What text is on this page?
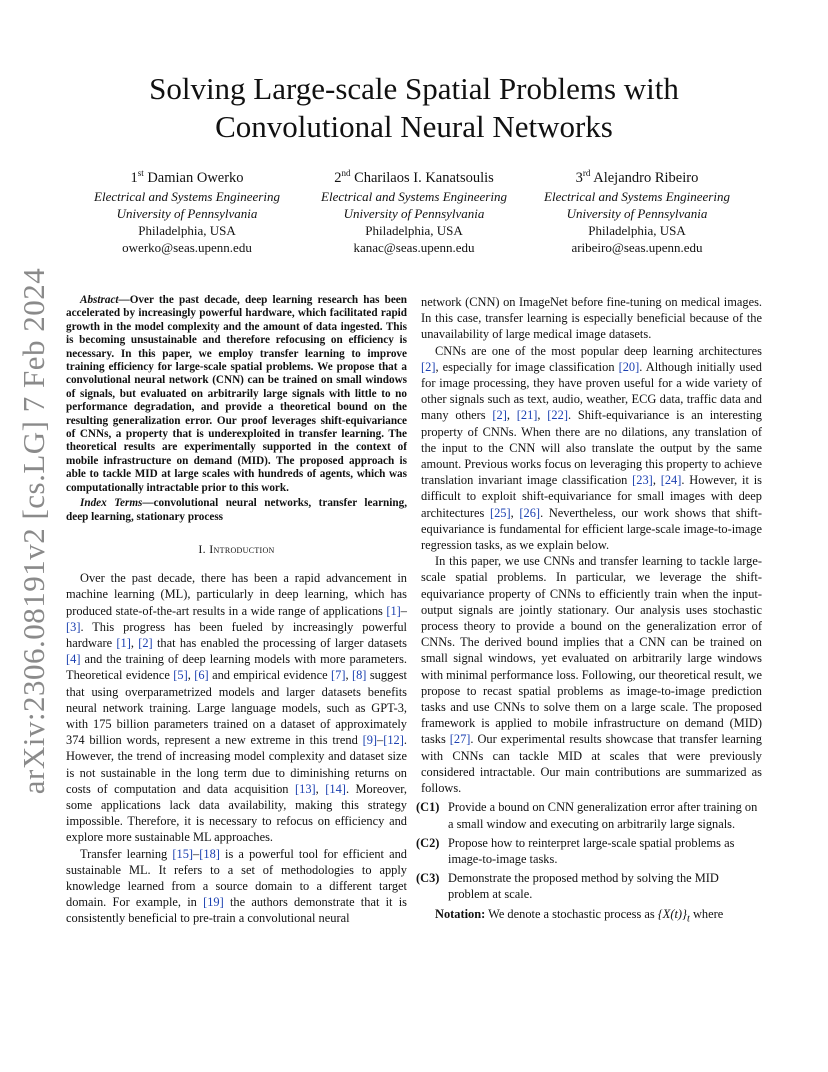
arXiv:2306.08191v2 [cs.LG] 7 Feb 2024
Solving Large-scale Spatial Problems with
Convolutional Neural Networks
1st Damian Owerko
Electrical and Systems Engineering
University of Pennsylvania
Philadelphia, USA
owerko@seas.upenn.edu
2nd Charilaos I. Kanatsoulis
Electrical and Systems Engineering
University of Pennsylvania
Philadelphia, USA
kanac@seas.upenn.edu
3rd Alejandro Ribeiro
Electrical and Systems Engineering
University of Pennsylvania
Philadelphia, USA
aribeiro@seas.upenn.edu

Abstract—Over the past decade, deep learning research has been accelerated by increasingly powerful hardware, which facilitated rapid growth in the model complexity and the amount of data ingested. This is becoming unsustainable and therefore refocusing on efficiency is necessary. In this paper, we employ transfer learning to improve training efficiency for large-scale spatial problems. We propose that a convolutional neural network (CNN) can be trained on small windows of signals, but evaluated on arbitrarily large signals with little to no performance degradation, and provide a theoretical bound on the resulting generalization error. Our proof leverages shift-equivariance of CNNs, a property that is underexploited in transfer learning. The theoretical results are experimentally supported in the context of mobile infrastructure on demand (MID). The proposed approach is able to tackle MID at large scales with hundreds of agents, which was computationally intractable prior to this work.

Index Terms—convolutional neural networks, transfer learning, deep learning, stationary process

I. Introduction

Over the past decade, there has been a rapid advancement in machine learning (ML), particularly in deep learning, which has produced state-of-the-art results in a wide range of applications [1]–[3]. This progress has been fueled by increasingly powerful hardware [1], [2] that has enabled the processing of larger datasets [4] and the training of deep learning models with more parameters. Theoretical evidence [5], [6] and empirical evidence [7], [8] suggest that using overparametrized models and larger datasets benefits neural network training. Large language models, such as GPT-3, with 175 billion parameters trained on a dataset of approximately 374 billion words, represent a new extreme in this trend [9]–[12]. However, the trend of increasing model complexity and dataset size is not sustainable in the long term due to diminishing returns on costs of computation and data acquisition [13], [14]. Moreover, some applications lack data availability, making this strategy impossible. Therefore, it is necessary to refocus on efficiency and explore more sustainable ML approaches.

Transfer learning [15]–[18] is a powerful tool for efficient and sustainable ML. It refers to a set of methodologies to apply knowledge learned from a source domain to a different target domain. For example, in [19] the authors demonstrate that it is consistently beneficial to pre-train a convolutional neural

network (CNN) on ImageNet before fine-tuning on medical images. In this case, transfer learning is especially beneficial because of the unavailability of large medical image datasets.

CNNs are one of the most popular deep learning architectures [2], especially for image classification [20]. Although initially used for image processing, they have proven useful for a wide variety of other signals such as text, audio, weather, ECG data, traffic data and many others [2], [21], [22]. Shift-equivariance is an interesting property of CNNs. When there are no dilations, any translation of the input to the CNN will also translate the output by the same amount. Previous works focus on leveraging this property to achieve translation invariant image classification [23], [24]. However, it is difficult to exploit shift-equivariance for small images with deep architectures [25], [26]. Nevertheless, our work shows that shift-equivariance is fundamental for efficient large-scale image-to-image regression tasks, as we explain below.

In this paper, we use CNNs and transfer learning to tackle large-scale spatial problems. In particular, we leverage the shift-equivariance property of CNNs to efficiently train when the input-output signals are jointly stationary. Our analysis uses stochastic process theory to provide a bound on the generalization error of CNNs. The derived bound implies that a CNN can be trained on small signal windows, yet evaluated on arbitrarily large windows with minimal performance loss. Following, our theoretical result, we propose to recast spatial problems as image-to-image prediction tasks and use CNNs to solve them on a large scale. The proposed framework is applied to mobile infrastructure on demand (MID) tasks [27]. Our experimental results showcase that transfer learning with CNNs can tackle MID at scales that were previously considered intractable. Our main contributions are summarized as follows.

(C1) Provide a bound on CNN generalization error after training on a small window and executing on arbitrarily large signals.
(C2) Propose how to reinterpret large-scale spatial problems as image-to-image tasks.
(C3) Demonstrate the proposed method by solving the MID problem at scale.

Notation: We denote a stochastic process as $\{X(t)\}_t$ where
